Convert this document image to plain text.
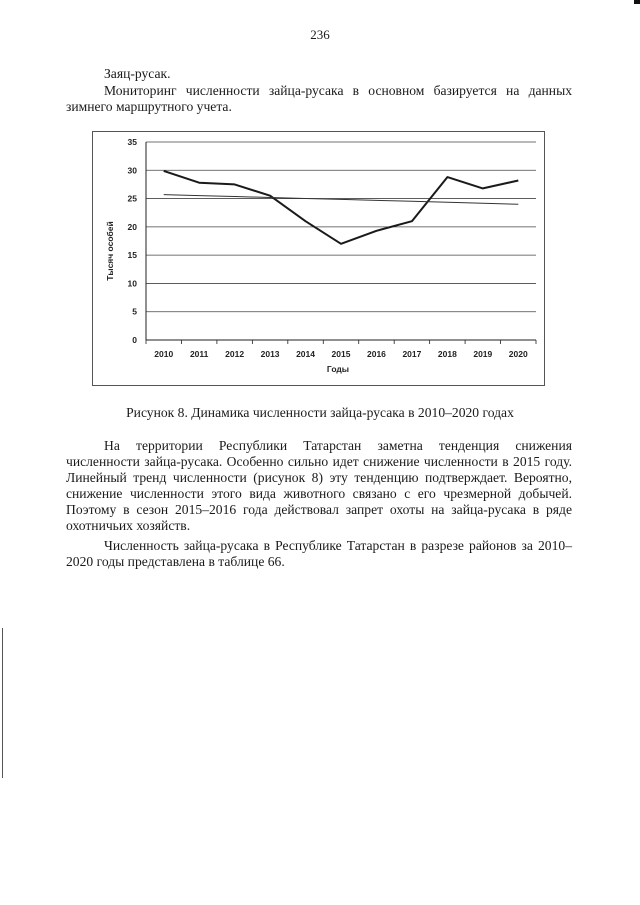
236

Заяц-русак.

Мониторинг численности зайца-русака в основном базируется на данных зимнего маршрутного учета.

0
5
10
15
20
25
30
35
2010 2011 2012 2013 2014 2015 2016 2017 2018 2019 2020
Годы
Тысяч особей
Рисунок 8. Динамика численности зайца-русака в 2010–2020 годах

На территории Республики Татарстан заметна тенденция снижения численности зайца-русака. Особенно сильно идет снижение численности в 2015 году. Линейный тренд численности (рисунок 8) эту тенденцию подтверждает. Вероятно, снижение численности этого вида животного связано с его чрезмерной добычей. Поэтому в сезон 2015–2016 года действовал запрет охоты на зайца-русака в ряде охотничьих хозяйств.

Численность зайца-русака в Республике Татарстан в разрезе районов за 2010–2020 годы представлена в таблице 66.
